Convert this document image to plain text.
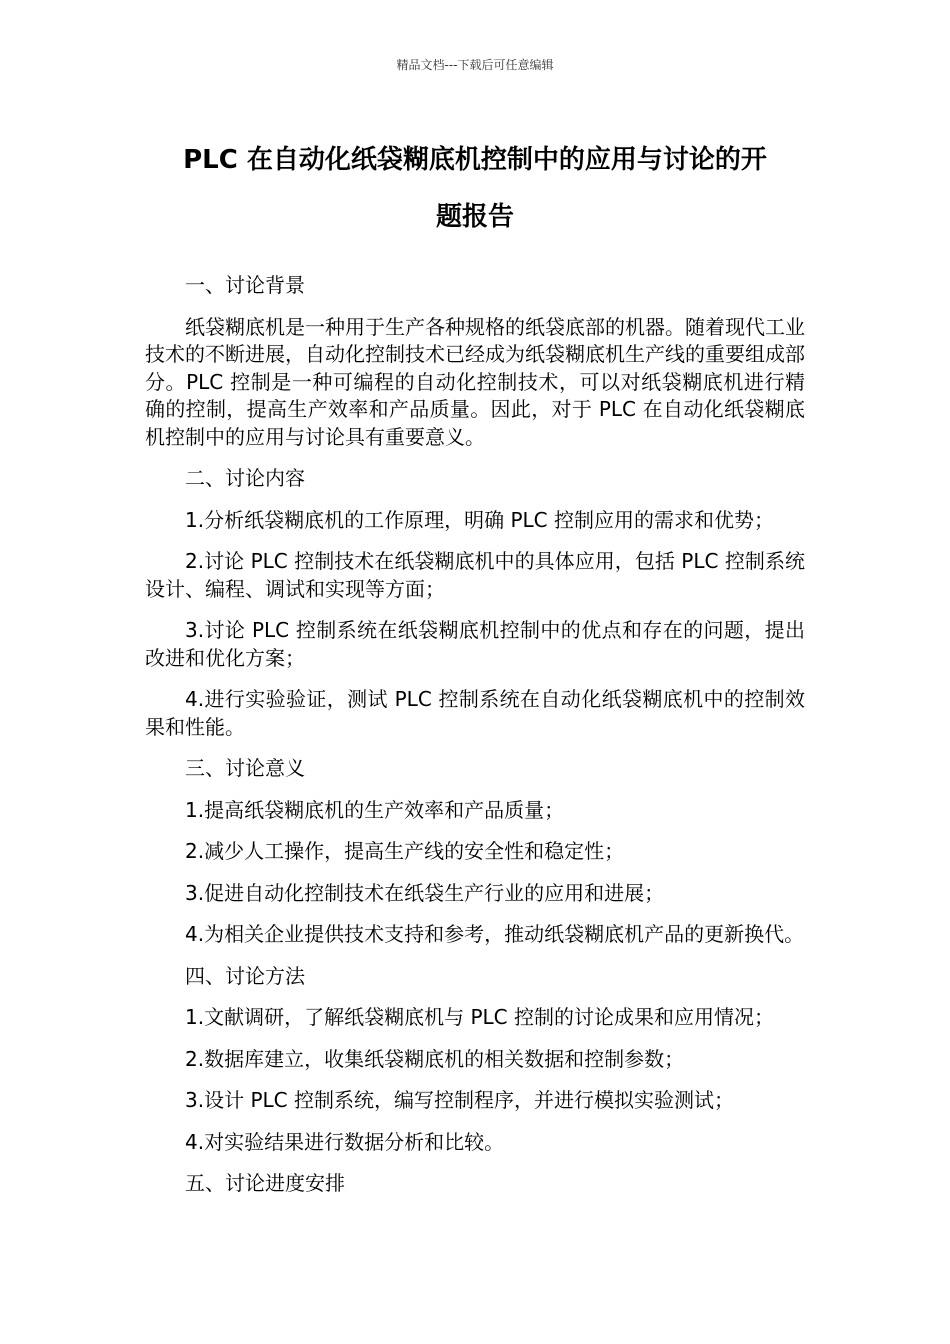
精品文档---下载后可任意编辑
PLC 在自动化纸袋糊底机控制中的应用与讨论的开
题报告

一、讨论背景

纸袋糊底机是一种用于生产各种规格的纸袋底部的机器。随着现代工业技术的不断进展，自动化控制技术已经成为纸袋糊底机生产线的重要组成部分。PLC 控制是一种可编程的自动化控制技术，可以对纸袋糊底机进行精确的控制，提高生产效率和产品质量。因此，对于 PLC 在自动化纸袋糊底机控制中的应用与讨论具有重要意义。

二、讨论内容

1.分析纸袋糊底机的工作原理，明确 PLC 控制应用的需求和优势；

2.讨论 PLC 控制技术在纸袋糊底机中的具体应用，包括 PLC 控制系统设计、编程、调试和实现等方面；

3.讨论 PLC 控制系统在纸袋糊底机控制中的优点和存在的问题，提出改进和优化方案；

4.进行实验验证，测试 PLC 控制系统在自动化纸袋糊底机中的控制效果和性能。

三、讨论意义

1.提高纸袋糊底机的生产效率和产品质量；

2.减少人工操作，提高生产线的安全性和稳定性；

3.促进自动化控制技术在纸袋生产行业的应用和进展；

4.为相关企业提供技术支持和参考，推动纸袋糊底机产品的更新换代。

四、讨论方法

1.文献调研，了解纸袋糊底机与 PLC 控制的讨论成果和应用情况；

2.数据库建立，收集纸袋糊底机的相关数据和控制参数；

3.设计 PLC 控制系统，编写控制程序，并进行模拟实验测试；

4.对实验结果进行数据分析和比较。

五、讨论进度安排
